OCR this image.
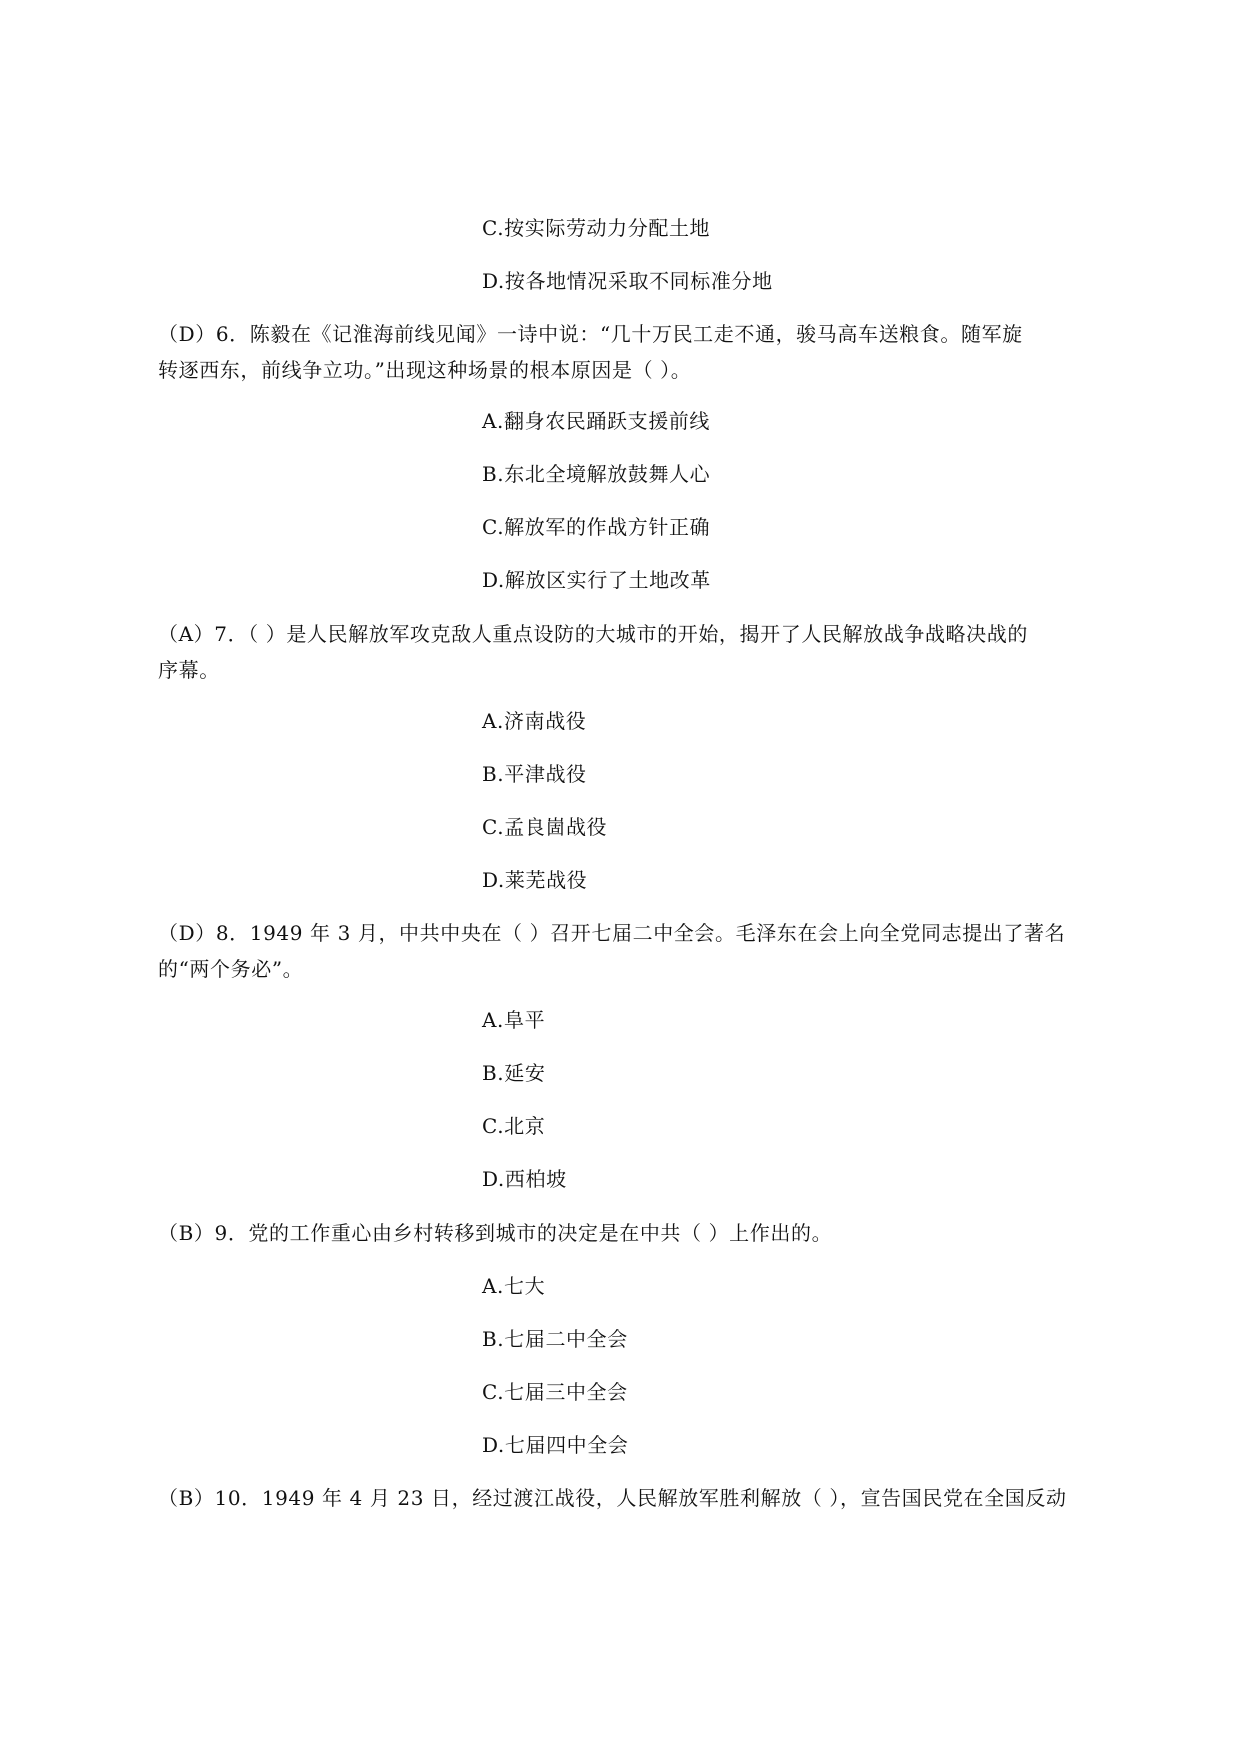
C.按实际劳动力分配土地
D.按各地情况采取不同标准分地
（D）6．陈毅在《记淮海前线见闻》一诗中说：“几十万民工走不通，骏马高车送粮食。随军旋
转逐西东，前线争立功。”出现这种场景的根本原因是（ ）。
A.翻身农民踊跃支援前线
B.东北全境解放鼓舞人心
C.解放军的作战方针正确
D.解放区实行了土地改革
（A）7．（ ）是人民解放军攻克敌人重点设防的大城市的开始，揭开了人民解放战争战略决战的
序幕。
A.济南战役
B.平津战役
C.孟良崮战役
D.莱芜战役
（D）8．1949 年 3 月，中共中央在（ ）召开七届二中全会。毛泽东在会上向全党同志提出了著名
的“两个务必”。
A.阜平
B.延安
C.北京
D.西柏坡
（B）9．党的工作重心由乡村转移到城市的决定是在中共（ ）上作出的。
A.七大
B.七届二中全会
C.七届三中全会
D.七届四中全会
（B）10．1949 年 4 月 23 日，经过渡江战役，人民解放军胜利解放（ ），宣告国民党在全国反动
